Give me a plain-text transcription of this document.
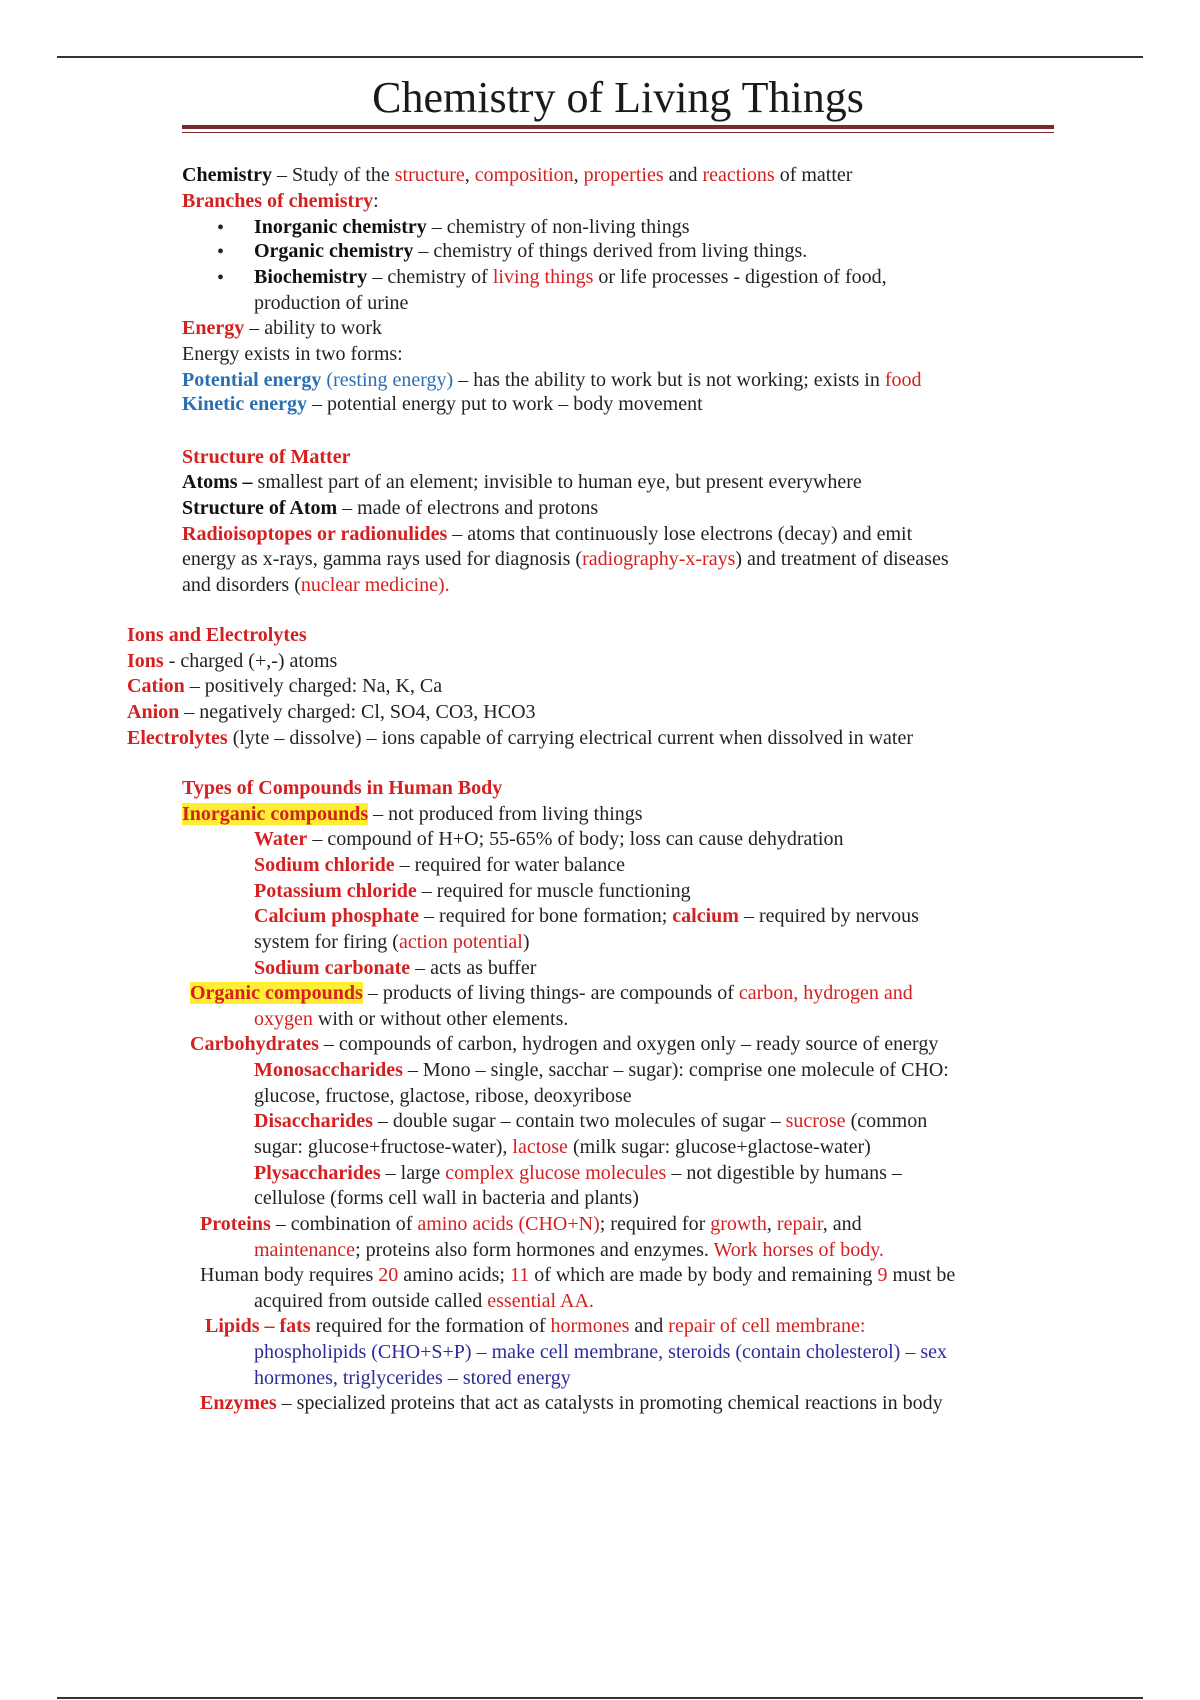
Chemistry of Living Things
•
•
•
Chemistry – Study of the structure, composition, properties and reactions of matter
Branches of chemistry:
Inorganic chemistry – chemistry of non-living things
Organic chemistry – chemistry of things derived from living things.
Biochemistry – chemistry of living things or life processes - digestion of food,
production of urine
Energy – ability to work
Energy exists in two forms:
Potential energy (resting energy) – has the ability to work but is not working; exists in food
Kinetic energy – potential energy put to work – body movement
Structure of Matter
Atoms – smallest part of an element; invisible to human eye, but present everywhere
Structure of Atom – made of electrons and protons
Radioisoptopes or radionulides – atoms that continuously lose electrons (decay) and emit
energy as x-rays, gamma rays used for diagnosis (radiography-x-rays) and treatment of diseases
and disorders (nuclear medicine).
Ions and Electrolytes
Ions - charged (+,-) atoms
Cation – positively charged: Na, K, Ca
Anion – negatively charged: Cl, SO4, CO3, HCO3
Electrolytes (lyte – dissolve) – ions capable of carrying electrical current when dissolved in water
Types of Compounds in Human Body
Inorganic compounds – not produced from living things
Water – compound of H+O; 55-65% of body; loss can cause dehydration
Sodium chloride – required for water balance
Potassium chloride – required for muscle functioning
Calcium phosphate – required for bone formation; calcium – required by nervous
system for firing (action potential)
Sodium carbonate – acts as buffer
Organic compounds – products of living things- are compounds of carbon, hydrogen and
oxygen with or without other elements.
Carbohydrates – compounds of carbon, hydrogen and oxygen only – ready source of energy
Monosaccharides – Mono – single, sacchar – sugar): comprise one molecule of CHO:
glucose, fructose, glactose, ribose, deoxyribose
Disaccharides – double sugar – contain two molecules of sugar – sucrose (common
sugar: glucose+fructose-water), lactose (milk sugar: glucose+glactose-water)
Plysaccharides – large complex glucose molecules – not digestible by humans –
cellulose (forms cell wall in bacteria and plants)
Proteins – combination of amino acids (CHO+N); required for growth, repair, and
maintenance; proteins also form hormones and enzymes. Work horses of body.
Human body requires 20 amino acids; 11 of which are made by body and remaining 9 must be
acquired from outside called essential AA.
Lipids – fats required for the formation of hormones and repair of cell membrane:
phospholipids (CHO+S+P) – make cell membrane, steroids (contain cholesterol) – sex
hormones, triglycerides – stored energy
Enzymes – specialized proteins that act as catalysts in promoting chemical reactions in body
